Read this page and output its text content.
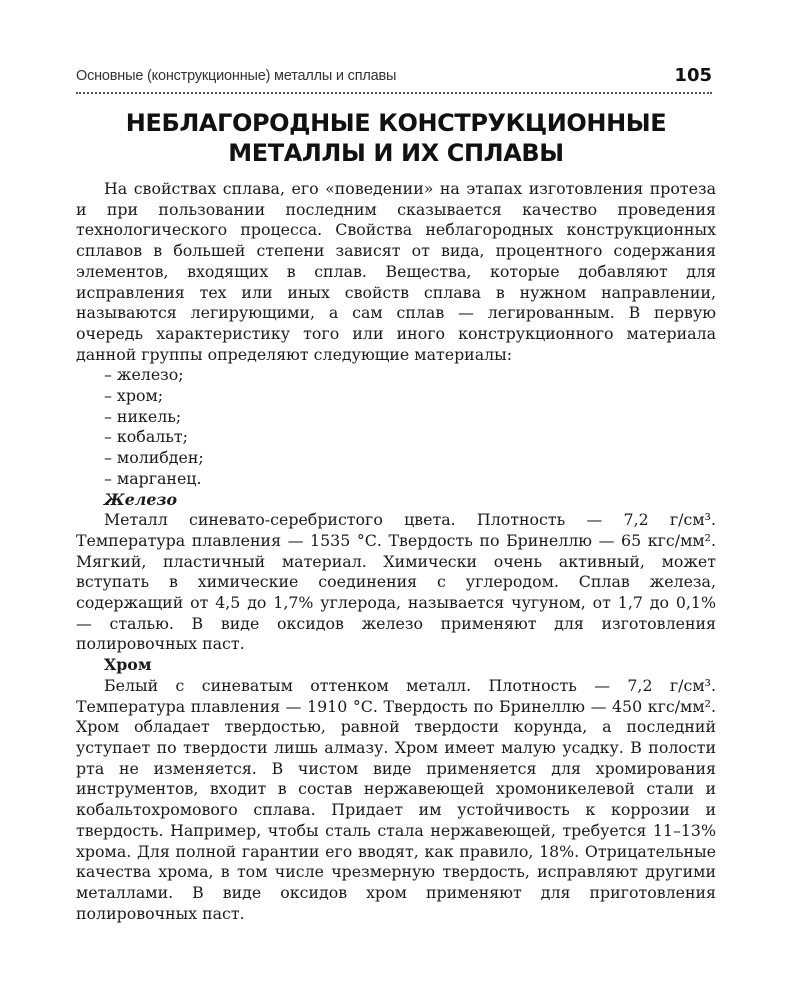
Основные (конструкционные) металлы и сплавы	105
НЕБЛАГОРОДНЫЕ КОНСТРУКЦИОННЫЕ
МЕТАЛЛЫ И ИХ СПЛАВЫ

На свойствах сплава, его «поведении» на этапах изготовления протеза и при пользовании последним сказывается качество проведения технологического процесса. Свойства неблагородных конструкционных сплавов в большей степени зависят от вида, процентного содержания элементов, входящих в сплав. Вещества, которые добавляют для исправления тех или иных свойств сплава в нужном направлении, называются легирующими, а сам сплав — легированным. В первую очередь характеристику того или иного конструкционного материала данной группы определяют следующие материалы:

– железо;
– хром;
– никель;
– кобальт;
– молибден;
– марганец.
Железо

Металл синевато-серебристого цвета. Плотность — 7,2 г/см³. Температура плавления — 1535 °С. Твердость по Бринеллю — 65 кгс/мм². Мягкий, пластичный материал. Химически очень активный, может вступать в химические соединения с углеродом. Сплав железа, содержащий от 4,5 до 1,7% углерода, называется чугуном, от 1,7 до 0,1% — сталью. В виде оксидов железо применяют для изготовления полировочных паст.

Хром

Белый с синеватым оттенком металл. Плотность — 7,2 г/см³. Температура плавления — 1910 °С. Твердость по Бринеллю — 450 кгс/мм². Хром обладает твердостью, равной твердости корунда, а последний уступает по твердости лишь алмазу. Хром имеет малую усадку. В полости рта не изменяется. В чистом виде применяется для хромирования инструментов, входит в состав нержавеющей хромоникелевой стали и кобальтохромового сплава. Придает им устойчивость к коррозии и твердость. Например, чтобы сталь стала нержавеющей, требуется 11–13% хрома. Для полной гарантии его вводят, как правило, 18%. Отрицательные качества хрома, в том числе чрезмерную твердость, исправляют другими металлами. В виде оксидов хром применяют для приготовления полировочных паст.
